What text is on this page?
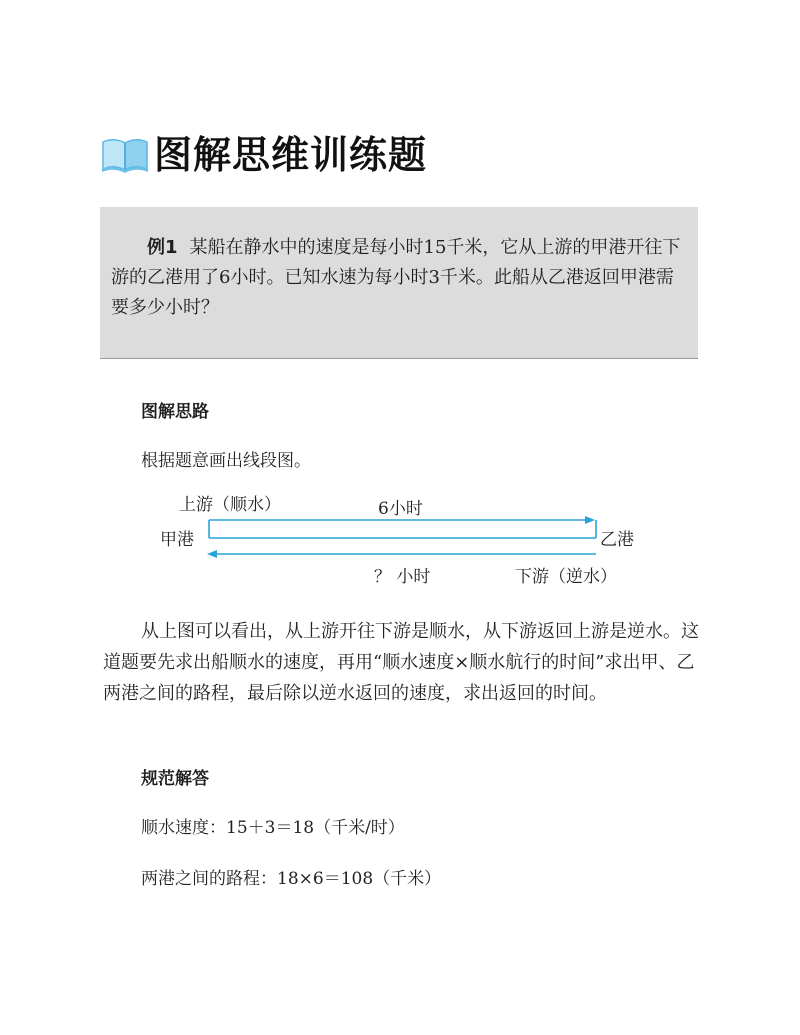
图解思维训练题
例1 某船在静水中的速度是每小时15千米，它从上游的甲港开往下游的乙港用了6小时。已知水速为每小时3千米。此船从乙港返回甲港需要多少小时？
图解思路
根据题意画出线段图。
上游（顺水）	6小时
甲港	乙港
？ 小时	下游（逆水）
从上图可以看出，从上游开往下游是顺水，从下游返回上游是逆水。这道题要先求出船顺水的速度，再用“顺水速度×顺水航行的时间”求出甲、乙两港之间的路程，最后除以逆水返回的速度，求出返回的时间。
规范解答
顺水速度：15＋3＝18（千米/时）
两港之间的路程：18×6＝108（千米）
